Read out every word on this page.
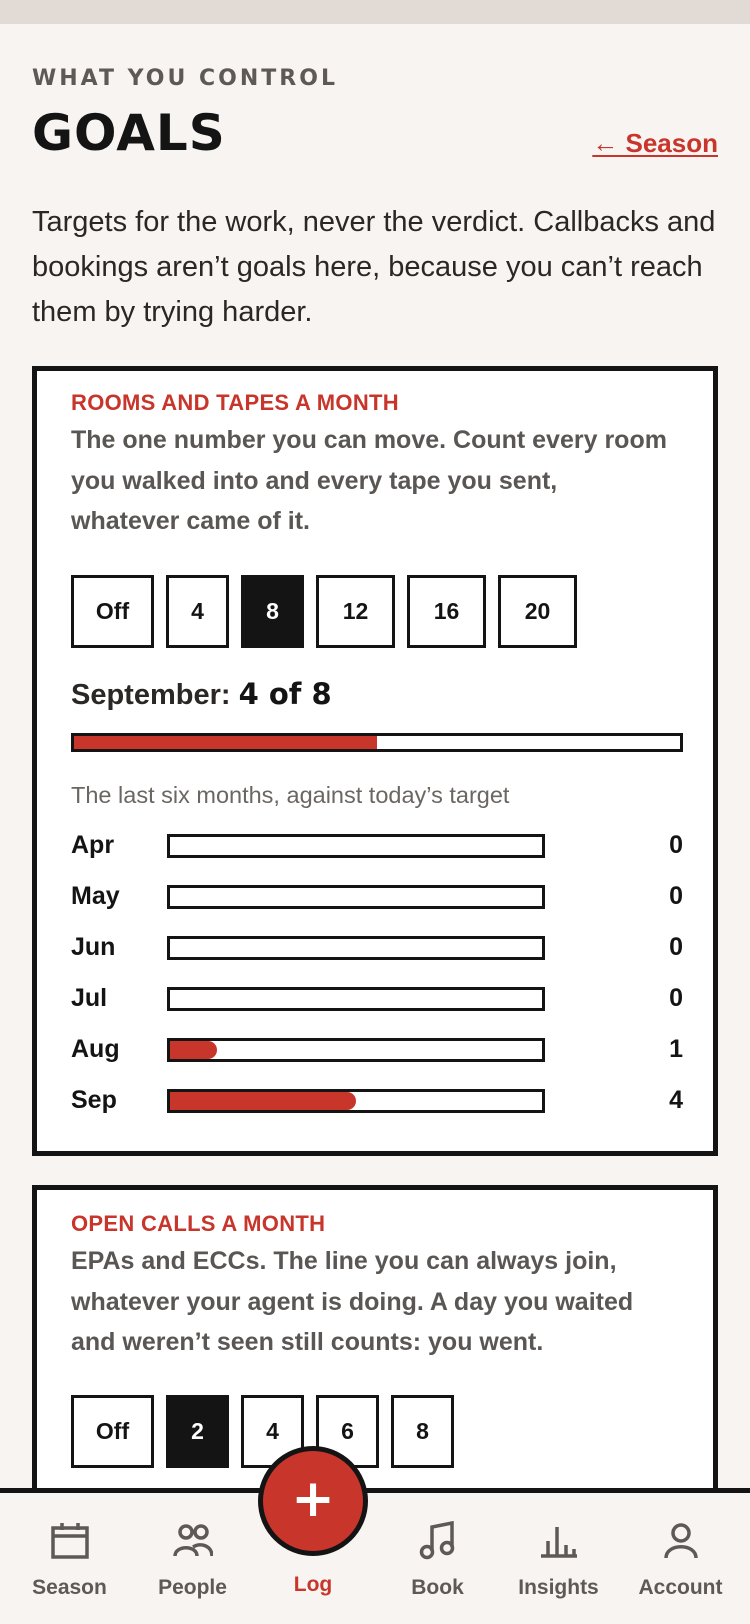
WHAT YOU CONTROL
GOALS	← Season

Targets for the work, never the verdict. Callbacks and bookings aren’t goals here, because you can’t reach them by trying harder.

ROOMS AND TAPES A MONTH

The one number you can move. Count every room you walked into and every tape you sent, whatever came of it.

Off	4	8	12	16	20
September: 4 of 8
The last six months, against today’s target
Apr	0
May	0
Jun	0
Jul	0
Aug	1
Sep	4
OPEN CALLS A MONTH

EPAs and ECCs. The line you can always join, whatever your agent is doing. A day you waited and weren’t seen still counts: you went.

Off	2	4	6	8
Season	People	Book	Insights	Account
+
Log
